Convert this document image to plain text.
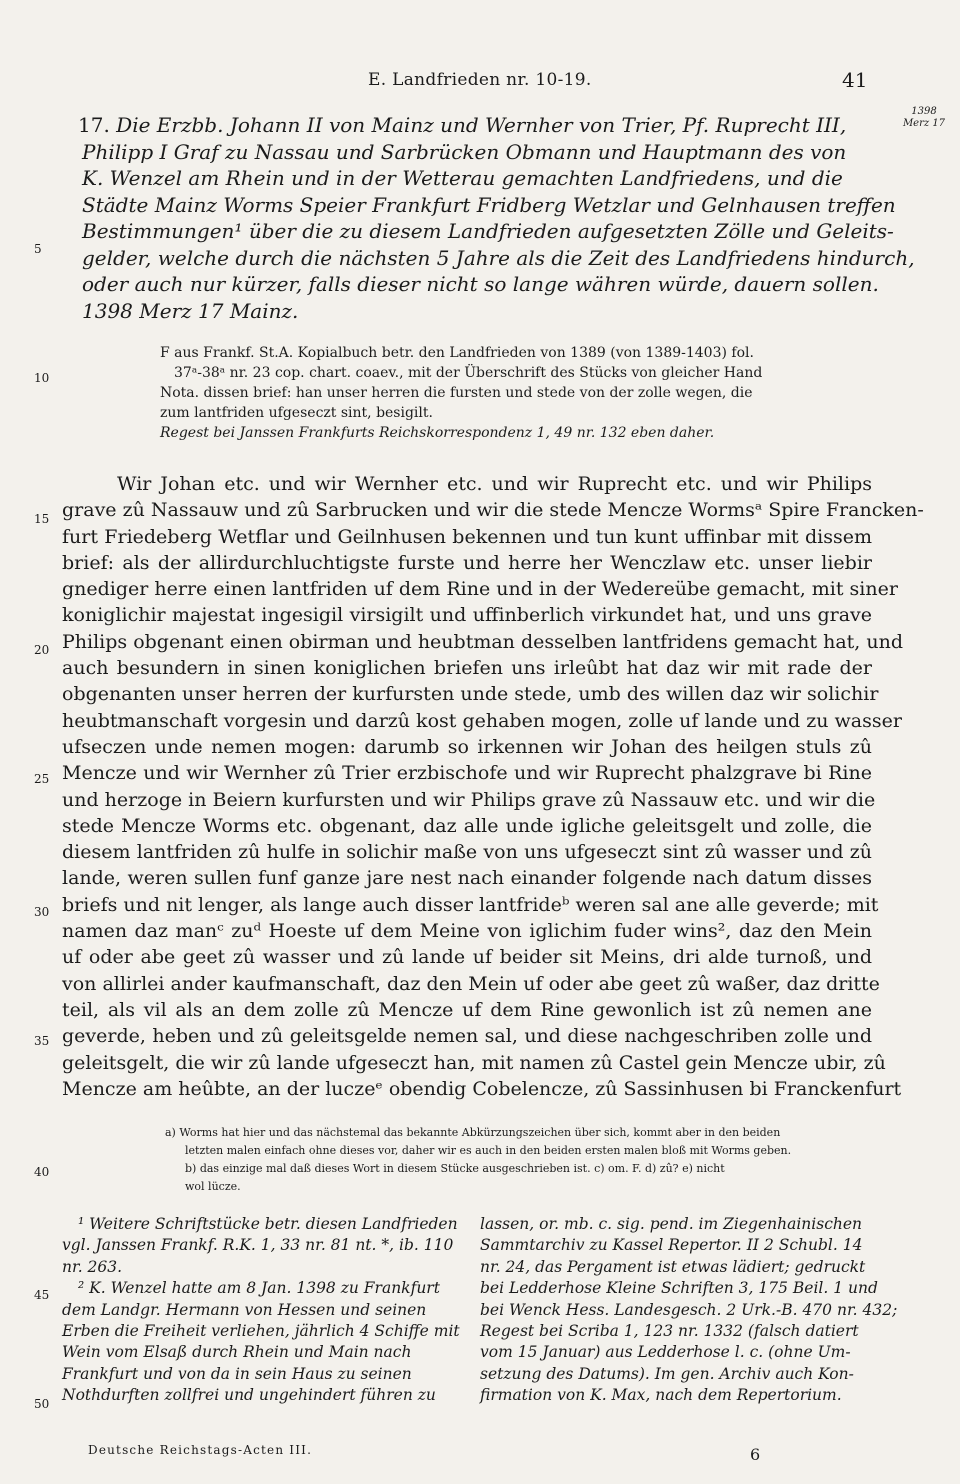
E. Landfrieden nr. 10-19.	41
1398
Merz 17
5
10
15
20
25
30
35
40
45
50
17. Die Erzbb. Johann II von Mainz und Wernher von Trier, Pf. Ruprecht III,
Philipp I Graf zu Nassau und Sarbrücken Obmann und Hauptmann des von
K. Wenzel am Rhein und in der Wetterau gemachten Landfriedens, und die
Städte Mainz Worms Speier Frankfurt Fridberg Wetzlar und Gelnhausen treffen
Bestimmungen¹ über die zu diesem Landfrieden aufgesetzten Zölle und Geleits-
gelder, welche durch die nächsten 5 Jahre als die Zeit des Landfriedens hindurch,
oder auch nur kürzer, falls dieser nicht so lange währen würde, dauern sollen.
1398 Merz 17 Mainz.
F aus Frankf. St.A. Kopialbuch betr. den Landfrieden von 1389 (von 1389-1403) fol.
37ᵃ-38ᵃ nr. 23 cop. chart. coaev., mit der Überschrift des Stücks von gleicher Hand
Nota. dissen brief: han unser herren die fursten und stede von der zolle wegen, die
zum lantfriden ufgeseczt sint, besigilt.
Regest bei Janssen Frankfurts Reichskorrespondenz 1, 49 nr. 132 eben daher.
Wir Johan etc. und wir Wernher etc. und wir Ruprecht etc. und wir Philips
grave zû Nassauw und zû Sarbrucken und wir die stede Mencze Wormsᵃ Spire Francken-
furt Friedeberg Wetflar und Geilnhusen bekennen und tun kunt uffinbar mit dissem
brief: als der allirdurchluchtigste furste und herre her Wenczlaw etc. unser liebir
gnediger herre einen lantfriden uf dem Rine und in der Wedereübe gemacht, mit siner
koniglichir majestat ingesigil virsigilt und uffinberlich virkundet hat, und uns grave
Philips obgenant einen obirman und heubtman desselben lantfridens gemacht hat, und
auch besundern in sinen koniglichen briefen uns irleûbt hat daz wir mit rade der
obgenanten unser herren der kurfursten unde stede, umb des willen daz wir solichir
heubtmanschaft vorgesin und darzû kost gehaben mogen, zolle uf lande und zu wasser
ufseczen unde nemen mogen: darumb so irkennen wir Johan des heilgen stuls zû
Mencze und wir Wernher zû Trier erzbischofe und wir Ruprecht phalzgrave bi Rine
und herzoge in Beiern kurfursten und wir Philips grave zû Nassauw etc. und wir die
stede Mencze Worms etc. obgenant, daz alle unde igliche geleitsgelt und zolle, die
diesem lantfriden zû hulfe in solichir maße von uns ufgeseczt sint zû wasser und zû
lande, weren sullen funf ganze jare nest nach einander folgende nach datum disses
briefs und nit lenger, als lange auch disser lantfrideᵇ weren sal ane alle geverde; mit
namen daz manᶜ zuᵈ Hoeste uf dem Meine von iglichim fuder wins², daz den Mein
uf oder abe geet zû wasser und zû lande uf beider sit Meins, dri alde turnoß, und
von allirlei ander kaufmanschaft, daz den Mein uf oder abe geet zû waßer, daz dritte
teil, als vil als an dem zolle zû Mencze uf dem Rine gewonlich ist zû nemen ane
geverde, heben und zû geleitsgelde nemen sal, und diese nachgeschriben zolle und
geleitsgelt, die wir zû lande ufgeseczt han, mit namen zû Castel gein Mencze ubir, zû
Mencze am heûbte, an der luczeᵉ obendig Cobelencze, zû Sassinhusen bi Franckenfurt
a) Worms hat hier und das nächstemal das bekannte Abkürzungszeichen über sich, kommt aber in den beiden
letzten malen einfach ohne dieses vor, daher wir es auch in den beiden ersten malen bloß mit Worms geben.
b) das einzige mal daß dieses Wort in diesem Stücke ausgeschrieben ist. c) om. F. d) zû? e) nicht
wol lücze.
¹ Weitere Schriftstücke betr. diesen Landfrieden
vgl. Janssen Frankf. R.K. 1, 33 nr. 81 nt. *, ib. 110
nr. 263.
² K. Wenzel hatte am 8 Jan. 1398 zu Frankfurt
dem Landgr. Hermann von Hessen und seinen
Erben die Freiheit verliehen, jährlich 4 Schiffe mit
Wein vom Elsaß durch Rhein und Main nach
Frankfurt und von da in sein Haus zu seinen
Nothdurften zollfrei und ungehindert führen zu
lassen, or. mb. c. sig. pend. im Ziegenhainischen
Sammtarchiv zu Kassel Repertor. II 2 Schubl. 14
nr. 24, das Pergament ist etwas lädiert; gedruckt
bei Ledderhose Kleine Schriften 3, 175 Beil. 1 und
bei Wenck Hess. Landesgesch. 2 Urk.-B. 470 nr. 432;
Regest bei Scriba 1, 123 nr. 1332 (falsch datiert
vom 15 Januar) aus Ledderhose l. c. (ohne Um-
setzung des Datums). Im gen. Archiv auch Kon-
firmation von K. Max, nach dem Repertorium.
Deutsche Reichstags-Acten III.	6
